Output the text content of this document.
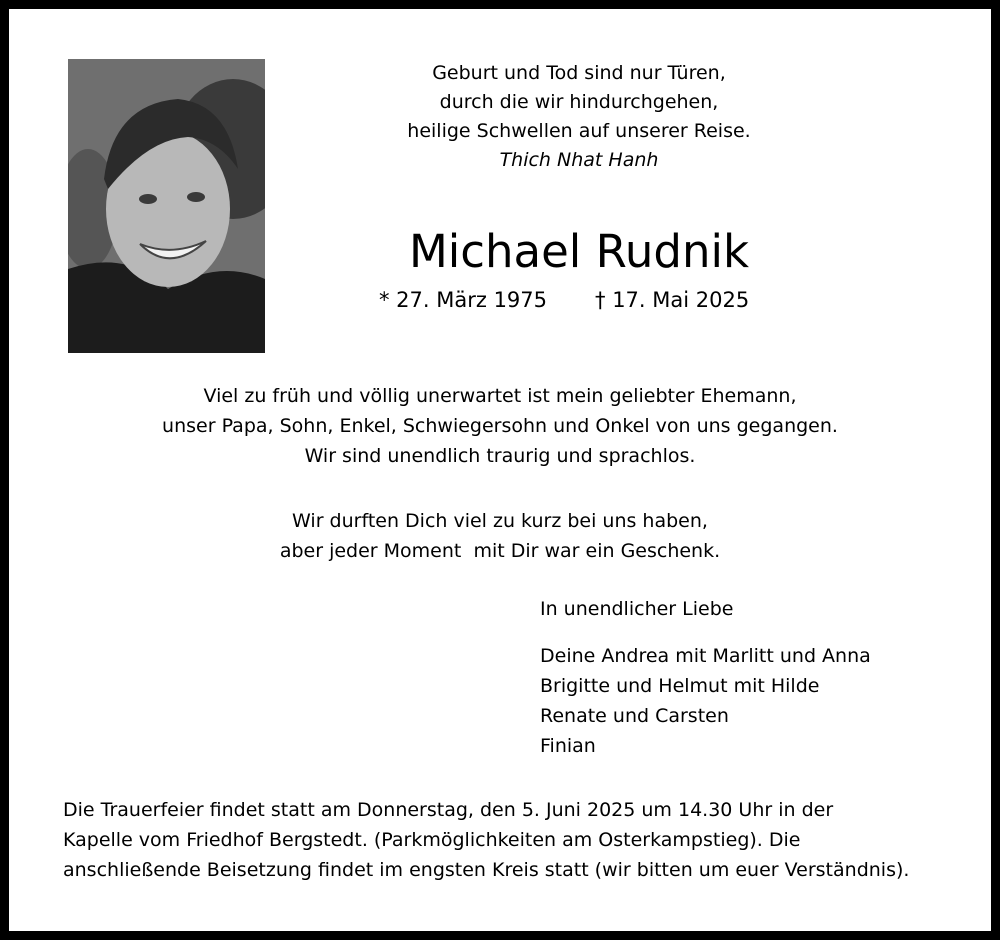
Geburt und Tod sind nur Türen,
durch die wir hindurchgehen,
heilige Schwellen auf unserer Reise.
Thich Nhat Hanh
Michael Rudnik
* 27. März 1975 † 17. Mai 2025
Viel zu früh und völlig unerwartet ist mein geliebter Ehemann,
unser Papa, Sohn, Enkel, Schwiegersohn und Onkel von uns gegangen.
Wir sind unendlich traurig und sprachlos.
Wir durften Dich viel zu kurz bei uns haben,
aber jeder Moment  mit Dir war ein Geschenk.
In unendlicher Liebe
Deine Andrea mit Marlitt und Anna
Brigitte und Helmut mit Hilde
Renate und Carsten
Finian
Die Trauerfeier findet statt am Donnerstag, den 5. Juni 2025 um 14.30 Uhr in der
Kapelle vom Friedhof Bergstedt. (Parkmöglichkeiten am Osterkampstieg). Die
anschließende Beisetzung findet im engsten Kreis statt (wir bitten um euer Verständnis).
